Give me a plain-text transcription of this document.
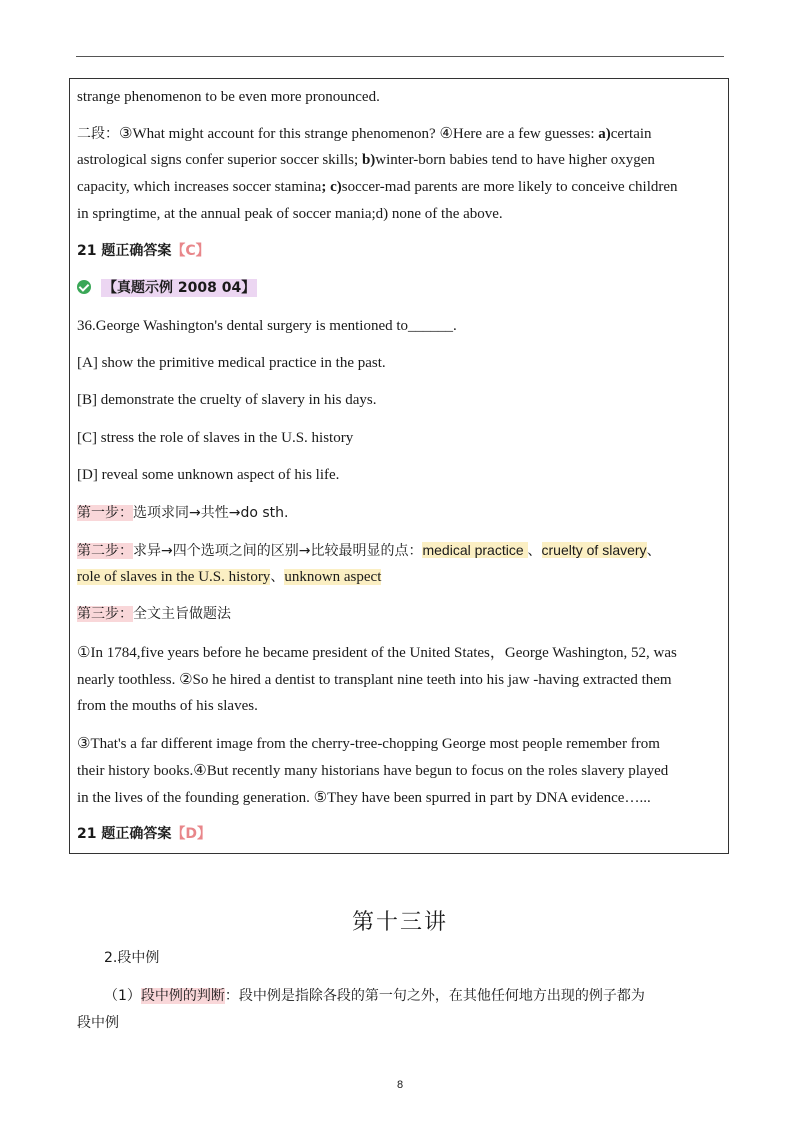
strange phenomenon to be even more pronounced.
二段：③What might account for this strange phenomenon? ④Here are a few guesses: a)certain
astrological signs confer superior soccer skills; b)winter-born babies tend to have higher oxygen
capacity, which increases soccer stamina; c)soccer-mad parents are more likely to conceive children
in springtime, at the annual peak of soccer mania;d) none of the above.
21 题正确答案【C】
【真题示例 2008 04】
36.George Washington's dental surgery is mentioned to______.
[A] show the primitive medical practice in the past.
[B] demonstrate the cruelty of slavery in his days.
[C] stress the role of slaves in the U.S. history
[D] reveal some unknown aspect of his life.
第一步：选项求同→共性→do sth.
第二步：求异→四个选项之间的区别→比较最明显的点：medical practice 、cruelty of slavery、
role of slaves in the U.S. history、unknown aspect
第三步：全文主旨做题法
①In 1784,five years before he became president of the United States，George Washington, 52, was
nearly toothless. ②So he hired a dentist to transplant nine teeth into his jaw -having extracted them
from the mouths of his slaves.
③That's a far different image from the cherry-tree-chopping George most people remember from
their history books.④But recently many historians have begun to focus on the roles slavery played
in the lives of the founding generation. ⑤They have been spurred in part by DNA evidence…...
21 题正确答案【D】
第十三讲
2.段中例
（1）段中例的判断：段中例是指除各段的第一句之外，在其他任何地方出现的例子都为
段中例
8
